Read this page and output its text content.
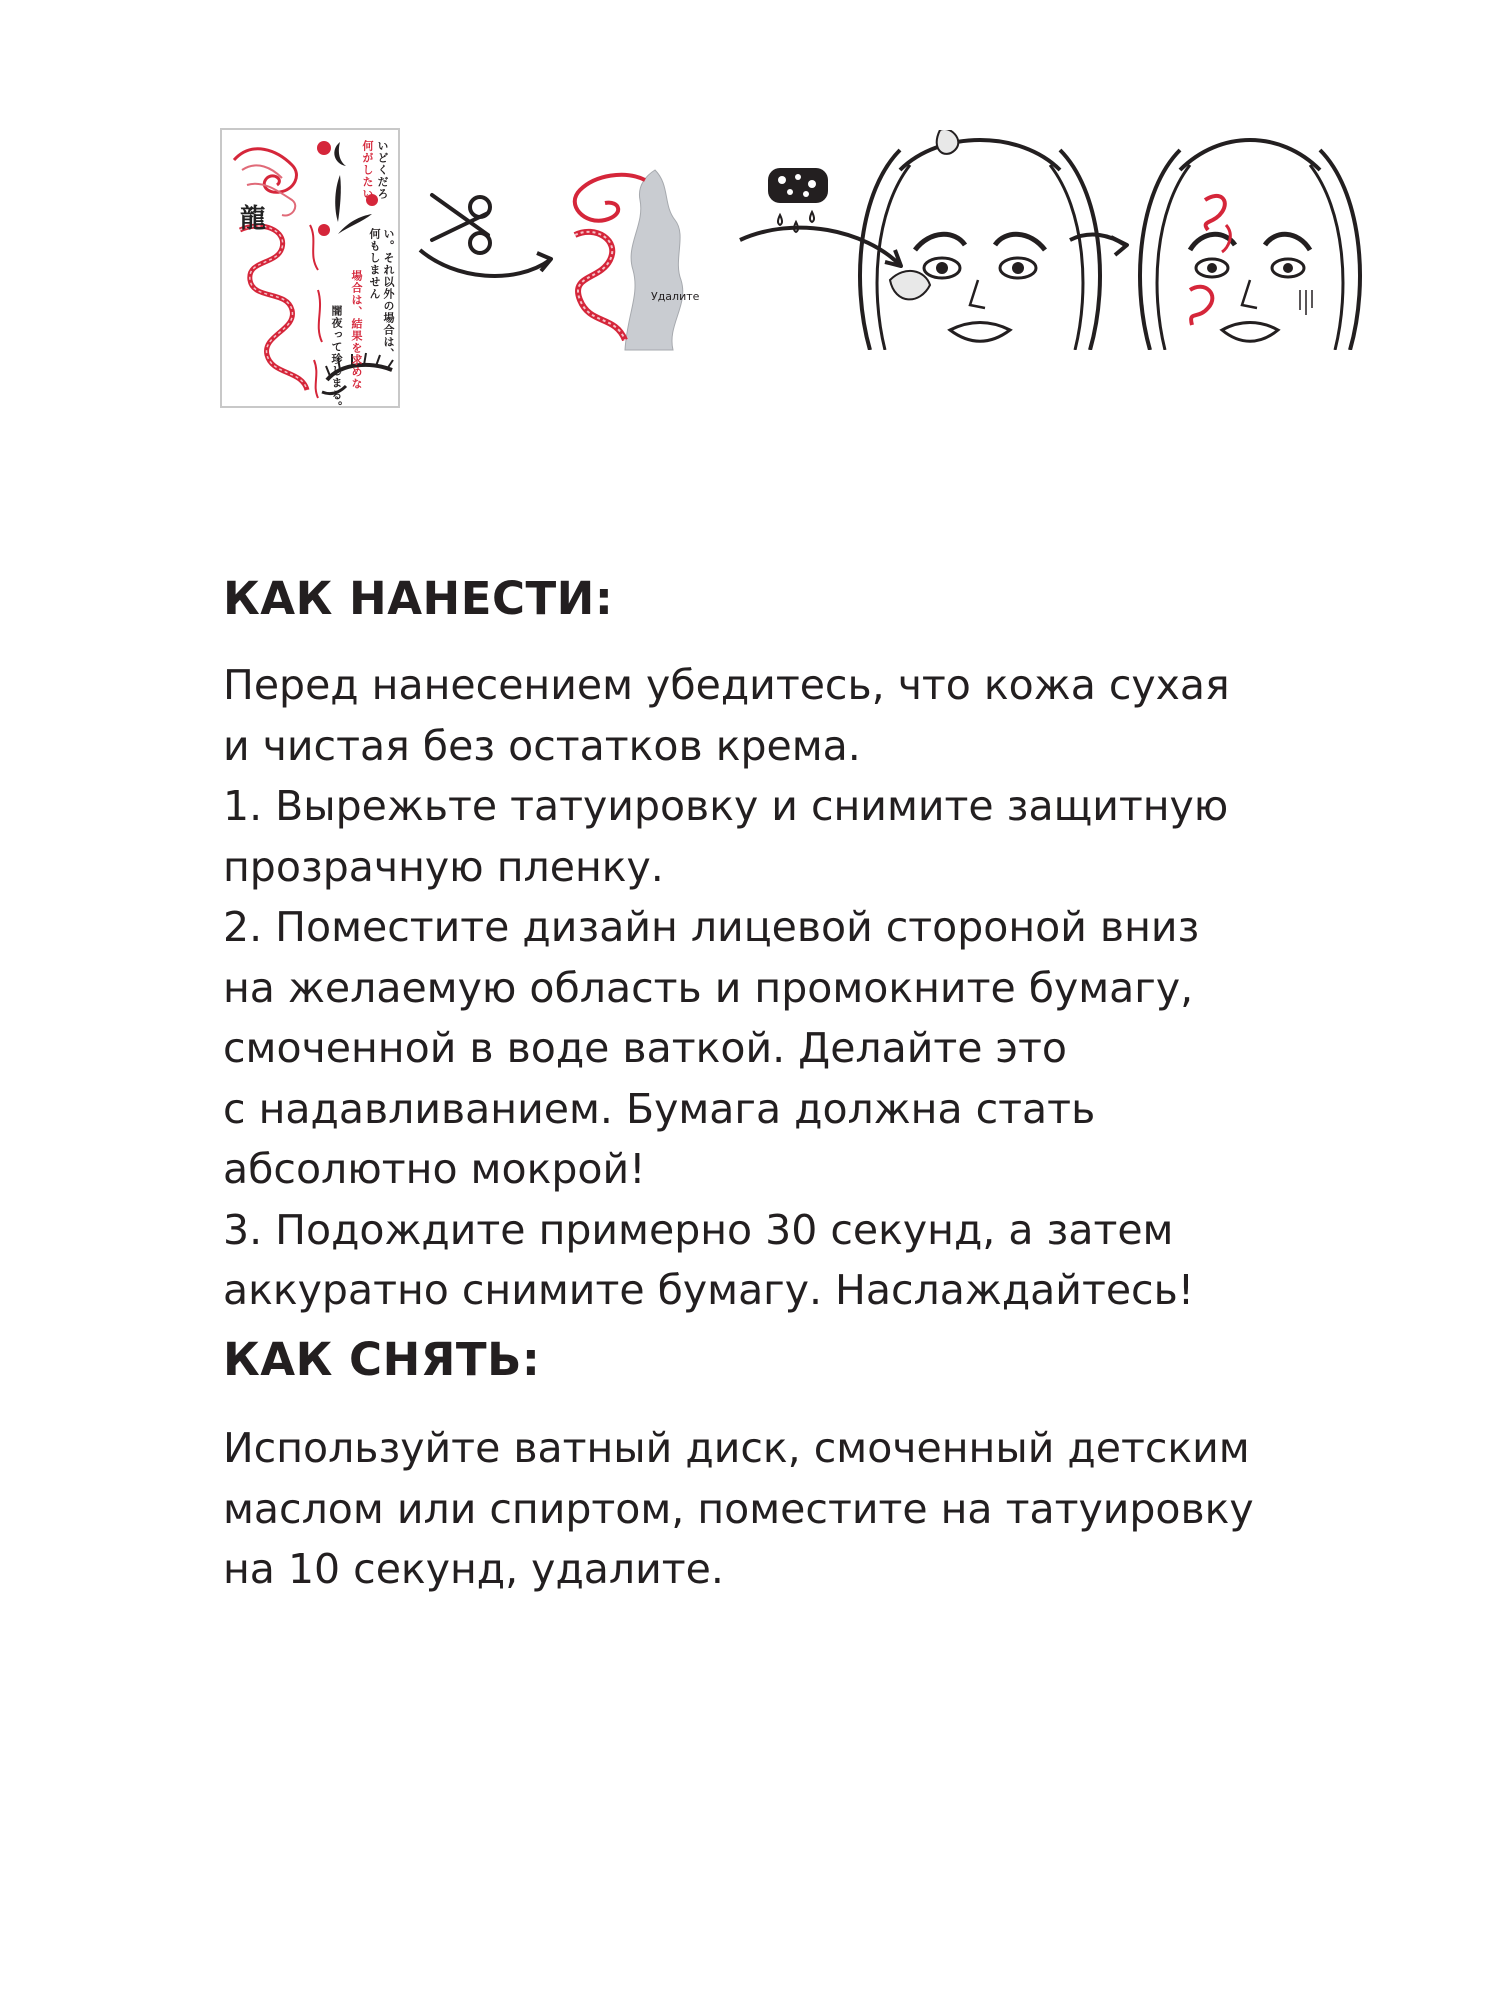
龍
いどくだろ
何がしたい
い。それ以外の場合は、
何もしません
場合は、結果を求めな
闇夜って珍しまる。
Удалите
КАК НАНЕСТИ:

Перед нанесением убедитесь, что кожа сухая
и чистая без остатков крема.
1. Вырежьте татуировку и снимите защитную
прозрачную пленку.
2. Поместите дизайн лицевой стороной вниз
на желаемую область и промокните бумагу,
смоченной в воде ваткой. Делайте это
с надавливанием. Бумага должна стать
абсолютно мокрой!
3. Подождите примерно 30 секунд, а затем
аккуратно снимите бумагу. Наслаждайтесь!

КАК СНЯТЬ:

Используйте ватный диск, смоченный детским
маслом или спиртом, поместите на татуировку
на 10 секунд, удалите.
